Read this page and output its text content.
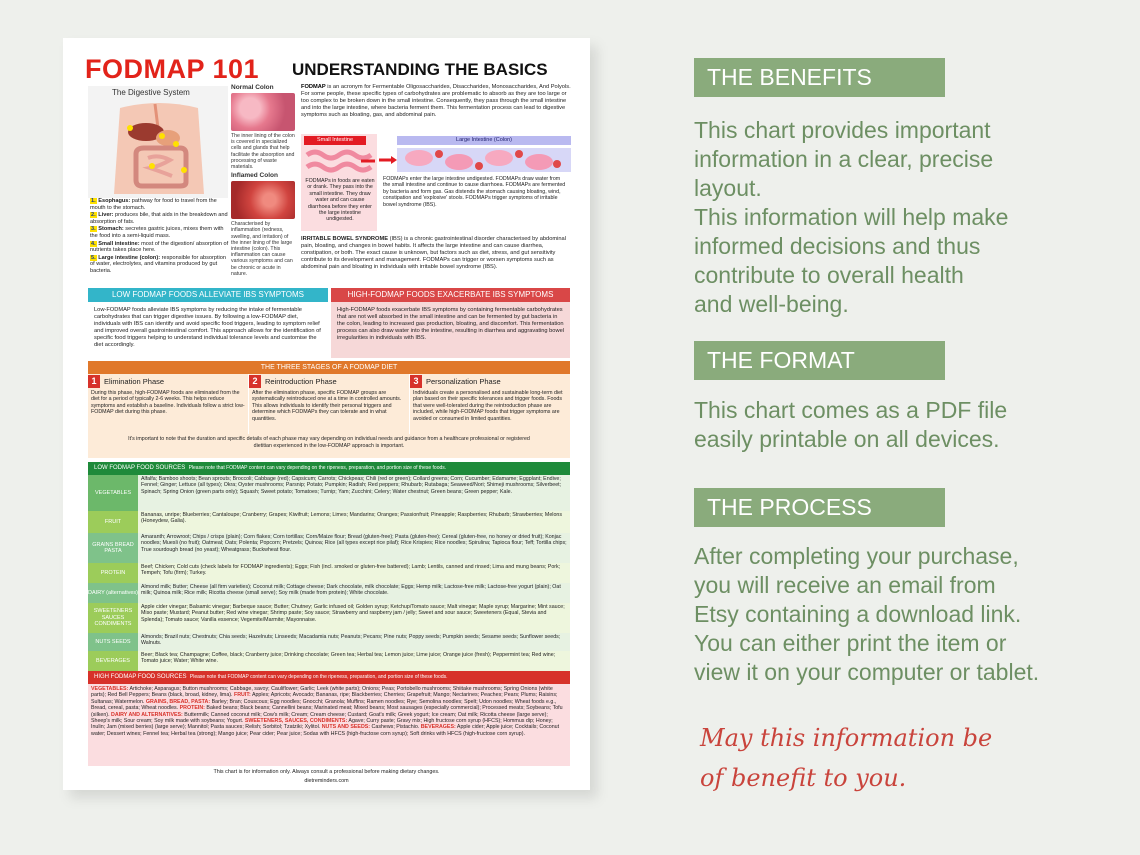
FODMAP 101 UNDERSTANDING THE BASICS
The Digestive System

1. Esophagus: pathway for food to travel from the mouth to the stomach.

2. Liver: produces bile, that aids in the breakdown and absorption of fats.

3. Stomach: secretes gastric juices, mixes them with the food into a semi-liquid mass.

4. Small intestine: most of the digestion/ absorption of nutrients takes place here.

5. Large intestine (colon): responsible for absorption of water, electrolytes, and vitamins produced by gut bacteria.

Normal Colon
The inner lining of the colon is covered in specialized cells and glands that help facilitate the absorption and processing of waste materials.
Inflamed Colon
Characterised by inflammation (redness, swelling, and irritation) of the inner lining of the large intestine (colon). This inflammation can cause various symptoms and can be chronic or acute in nature.
FODMAP is an acronym for Fermentable Oligosaccharides, Disaccharides, Monosaccharides, And Polyols. For some people, these specific types of carbohydrates are problematic to absorb as they are too large or too complex to be broken down in the small intestine. Consequently, they pass through the small intestine and into the large intestine, where bacteria ferment them. This fermentation process can lead to digestive symptoms such as bloating, gas, and abdominal pain.
Small Intestine
FODMAPs in foods are eaten or drank. They pass into the small intestine. They draw water and can cause diarrhoea before they enter the large intestine undigested.
Large Intestine (Colon)
FODMAPs enter the large intestine undigested. FODMAPs draw water from the small intestine and continue to cause diarrhoea. FODMAPs are fermented by bacteria and form gas. Gas distends the stomach causing bloating, wind, constipation and 'explosive' stools. FODMAPs trigger symptoms of irritable bowel syndrome (IBS).
IRRITABLE BOWEL SYNDROME (IBS) is a chronic gastrointestinal disorder characterised by abdominal pain, bloating, and changes in bowel habits. It affects the large intestine and can cause diarrhea, constipation, or both. The exact cause is unknown, but factors such as diet, stress, and gut sensitivity contribute to its development and management. FODMAPs can trigger or worsen symptoms such as abdominal pain and bloating in individuals with irritable bowel syndrome (IBS).
LOW FODMAP FOODS ALLEVIATE IBS SYMPTOMS
Low-FODMAP foods alleviate IBS symptoms by reducing the intake of fermentable carbohydrates that can trigger digestive issues. By following a low-FODMAP diet, individuals with IBS can identify and avoid specific food triggers, leading to symptom relief and improved overall gastrointestinal comfort. This approach allows for the identification of specific food triggers helping to understand individual tolerance levels and customise the diet accordingly.
HIGH-FODMAP FOODS EXACERBATE IBS SYMPTOMS
High-FODMAP foods exacerbate IBS symptoms by containing fermentable carbohydrates that are not well absorbed in the small intestine and can be fermented by gut bacteria in the colon, leading to increased gas production, bloating, and discomfort. This fermentation process can also draw water into the intestine, resulting in diarrhea and aggravating bowel irregularities in individuals with IBS.
THE THREE STAGES OF A FODMAP DIET
1	Elimination Phase
During this phase, high-FODMAP foods are eliminated from the diet for a period of typically 2-6 weeks. This helps reduce symptoms and establish a baseline. Individuals follow a strict low-FODMAP diet during this phase.
2	Reintroduction Phase
After the elimination phase, specific FODMAP groups are systematically reintroduced one at a time in controlled amounts. This allows individuals to identify their personal triggers and determine which FODMAPs they can tolerate and in what quantities.
3	Personalization Phase
Individuals create a personalised and sustainable long-term diet plan based on their specific tolerances and trigger foods. Foods that were well-tolerated during the reintroduction phase are included, while high-FODMAP foods that trigger symptoms are avoided or consumed in limited quantities.
It's important to note that the duration and specific details of each phase may vary depending on individual needs and guidance from a healthcare professional or registered dietitian experienced in the low-FODMAP approach is important.
LOW FODMAP FOOD SOURCES Please note that FODMAP content can vary depending on the ripeness, preparation, and portion size of these foods.
VEGETABLES
Alfalfa; Bamboo shoots; Bean sprouts; Broccoli; Cabbage (red); Capsicum; Carrots; Chickpeas; Chili (red or green); Collard greens; Corn; Cucumber; Edamame; Eggplant; Endive; Fennel; Ginger; Lettuce (all types); Okra; Oyster mushrooms; Parsnip; Potato; Pumpkin; Radish; Red peppers; Rhubarb; Rutabaga; Seaweed/Nori; Shimeji mushrooms; Silverbeet; Spinach; Spring Onion (green parts only); Squash; Sweet potato; Tomatoes; Turnip; Yam; Zucchini; Celery; Water chestnut; Green beans; Green pepper; Kale.
FRUIT
Bananas, unripe; Blueberries; Cantaloupe; Cranberry; Grapes; Kiwifruit; Lemons; Limes; Mandarins; Oranges; Passionfruit; Pineapple; Raspberries; Rhubarb; Strawberries; Melons (Honeydew, Galia).
GRAINS BREAD PASTA
Amaranth; Arrowroot; Chips / crisps (plain); Corn flakes; Corn tortillas; Corn/Maize flour; Bread (gluten-free); Pasta (gluten-free); Cereal (gluten-free, no honey or dried fruit); Konjac noodles; Muesli (no fruit); Oatmeal; Oats; Polenta; Popcorn; Pretzels; Quinoa; Rice (all types except rice pilaf); Rice Krispies; Rice noodles; Spirulina; Tapioca flour; Teff; Tortilla chips; True sourdough bread (no yeast); Wheatgrass; Buckwheat flour.
PROTEIN
Beef; Chicken; Cold cuts (check labels for FODMAP ingredients); Eggs; Fish (incl. smoked or gluten-free battered); Lamb; Lentils, canned and rinsed; Lima and mung beans; Pork; Tempeh; Tofu (firm); Turkey.
DAIRY (alternatives)
Almond milk; Butter; Cheese (all firm varieties); Coconut milk; Cottage cheese; Dark chocolate, milk chocolate; Eggs; Hemp milk; Lactose-free milk; Lactose-free yogurt (plain); Oat milk; Quinoa milk; Rice milk; Ricotta cheese (small serve); Soy milk (made from protein); White chocolate.
SWEETENERS SAUCES CONDIMENTS
Apple cider vinegar; Balsamic vinegar; Barbeque sauce; Butter; Chutney; Garlic infused oil; Golden syrup; Ketchup/Tomato sauce; Malt vinegar; Maple syrup; Margarine; Mint sauce; Miso paste; Mustard; Peanut butter; Red wine vinegar; Shrimp paste; Soy sauce; Strawberry and raspberry jam / jelly; Sweet and sour sauce; Sweeteners (Equal, Stevia and Splenda); Tomato sauce; Vanilla essence; Vegemite/Marmite; Mayonnaise.
NUTS SEEDS
Almonds; Brazil nuts; Chestnuts; Chia seeds; Hazelnuts; Linseeds; Macadamia nuts; Peanuts; Pecans; Pine nuts; Poppy seeds; Pumpkin seeds; Sesame seeds; Sunflower seeds; Walnuts.
BEVERAGES
Beer; Black tea; Champagne; Coffee, black; Cranberry juice; Drinking chocolate; Green tea; Herbal tea; Lemon juice; Lime juice; Orange juice (fresh); Peppermint tea; Red wine; Tomato juice; Water; White wine.
HIGH FODMAP FOOD SOURCES Please note that FODMAP content can vary depending on the ripeness, preparation, and portion size of these foods.
VEGETABLES: Artichoke; Asparagus; Button mushrooms; Cabbage, savoy; Cauliflower; Garlic; Leek (white parts); Onions; Peas; Portobello mushrooms; Shiitake mushrooms; Spring Onions (white parts); Red Bell Peppers; Beans (black, broad, kidney, lima). FRUIT: Apples; Apricots; Avocado; Bananas, ripe; Blackberries; Cherries; Grapefruit; Mango; Nectarines; Peaches; Pears; Plums; Raisins; Sultanas; Watermelon. GRAINS, BREAD, PASTA: Barley; Bran; Couscous; Egg noodles; Gnocchi; Granola; Muffins; Ramen noodles; Rye; Semolina noodles; Spelt; Udon noodles; Wheat foods e.g., Bread, cereal, pasta; Wheat noodles. PROTEIN: Baked beans; Black beans; Cannellini beans; Marinated meat; Mixed beans; Most sausages (especially commercial); Processed meats; Soybeans; Tofu (silken). DAIRY AND ALTERNATIVES: Buttermilk; Canned coconut milk; Cow's milk; Cream; Cream cheese; Custard; Goat's milk; Greek yogurt; Ice cream; Oat milk; Ricotta cheese (large serve); Sheep's milk; Sour cream; Soy milk made with soybeans; Yogurt. SWEETENERS, SAUCES, CONDIMENTS: Agave; Curry paste; Gravy mix; High fructose corn syrup (HFCS); Hommus dip; Honey; Inulin; Jam (mixed berries) (large serve); Mannitol; Pasta sauces; Relish; Sorbitol; Tzatziki; Xylitol. NUTS AND SEEDS: Cashews; Pistachio. BEVERAGES: Apple cider; Apple juice; Cocktails; Coconut water; Dessert wines; Fennel tea; Herbal tea (strong); Mango juice; Pear cider; Pear juice; Sodas with HFCS (high-fructose corn syrup); Soft drinks with HFCS (high-fructose corn syrup).
This chart is for information only. Always consult a professional before making dietary changes.
dietreminders.com
THE BENEFITS
This chart provides important
information in a clear, precise
layout.
This information will help make
informed decisions and thus
contribute to overall health
and well-being.
THE FORMAT
This chart comes as a PDF file
easily printable on all devices.
THE PROCESS
After completing your purchase,
you will receive an email from
Etsy containing a download link.
You can either print the item or
view it on your computer or tablet.
May this information be
of benefit to you.
